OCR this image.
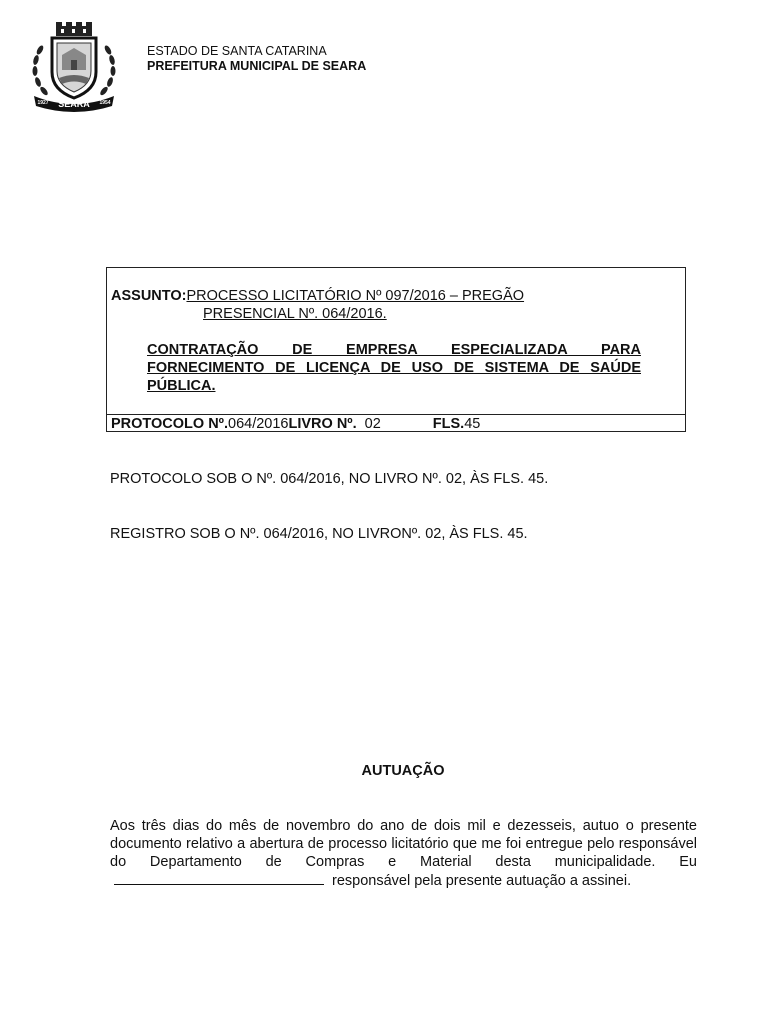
SEARA
1927	1954
ESTADO DE SANTA CATARINA
PREFEITURA MUNICIPAL DE SEARA
ASSUNTO:PROCESSO LICITATÓRIO Nº 097/2016 – PREGÃO
PRESENCIAL Nº. 064/2016.
CONTRATAÇÃO DE EMPRESA ESPECIALIZADA PARA FORNECIMENTO DE LICENÇA DE USO DE SISTEMA DE SAÚDE PÚBLICA.
PROTOCOLO Nº.064/2016LIVRO Nº. 02	FLS.45
PROTOCOLO SOB O Nº. 064/2016, NO LIVRO Nº. 02, ÀS FLS. 45.
REGISTRO SOB O Nº. 064/2016, NO LIVRONº. 02, ÀS FLS. 45.
AUTUAÇÃO
Aos três dias do mês de novembro do ano de dois mil e dezesseis, autuo o presente documento relativo a abertura de processo licitatório que me foi entregue pelo responsável do Departamento de Compras e Material desta municipalidade. Eu  responsável pela presente autuação a assinei.
